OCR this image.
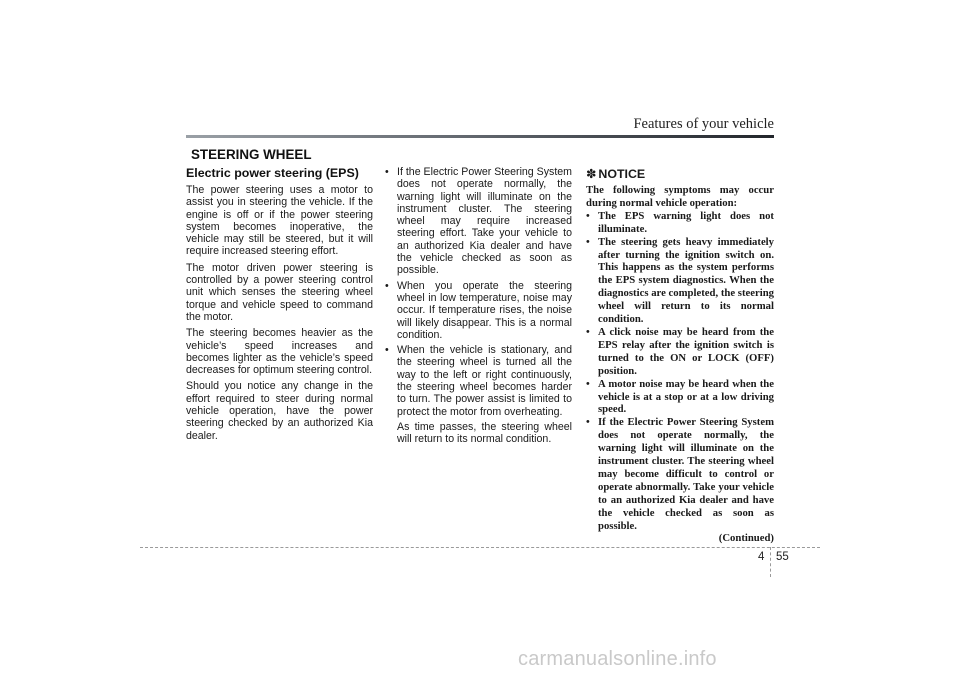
Features of your vehicle
STEERING WHEEL
Electric power steering (EPS)

The power steering uses a motor to assist you in steering the vehicle. If the engine is off or if the power steering system becomes inoperative, the vehicle may still be steered, but it will require increased steering effort.

The motor driven power steering is controlled by a power steering control unit which senses the steering wheel torque and vehicle speed to command the motor.

The steering becomes heavier as the vehicle’s speed increases and becomes lighter as the vehicle’s speed decreases for optimum steering control.

Should you notice any change in the effort required to steer during normal vehicle operation, have the power steering checked by an authorized Kia dealer.

• If the Electric Power Steering System does not operate normally, the warning light will illuminate on the instrument cluster. The steering wheel may require increased steering effort. Take your vehicle to an authorized Kia dealer and have the vehicle checked as soon as possible.
• When you operate the steering wheel in low temperature, noise may occur. If temperature rises, the noise will likely disappear. This is a normal condition.
• When the vehicle is stationary, and the steering wheel is turned all the way to the left or right continuously, the steering wheel becomes harder to turn. The power assist is limited to protect the motor from overheating.
As time passes, the steering wheel will return to its normal condition.
✽ NOTICE

The following symptoms may occur during normal vehicle operation:

• The EPS warning light does not illuminate.
• The steering gets heavy immediately after turning the ignition switch on. This happens as the system performs the EPS system diagnostics. When the diagnostics are completed, the steering wheel will return to its normal condition.
• A click noise may be heard from the EPS relay after the ignition switch is turned to the ON or LOCK (OFF) position.
• A motor noise may be heard when the vehicle is at a stop or at a low driving speed.
• If the Electric Power Steering System does not operate normally, the warning light will illuminate on the instrument cluster. The steering wheel may become difficult to control or operate abnormally. Take your vehicle to an authorized Kia dealer and have the vehicle checked as soon as possible.
(Continued)
4 55
carmanualsonline.info
